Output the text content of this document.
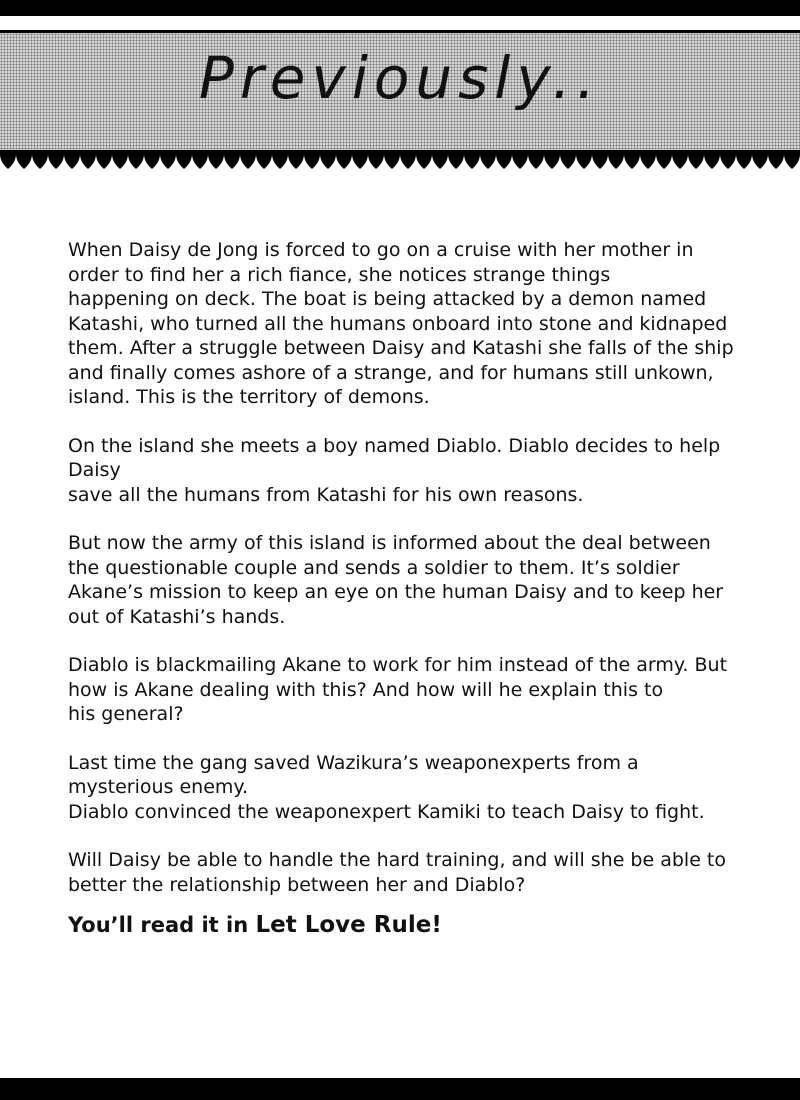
Previously..

When Daisy de Jong is forced to go on a cruise with her mother in
order to find her a rich fiance, she notices strange things
happening on deck. The boat is being attacked by a demon named
Katashi, who turned all the humans onboard into stone and kidnaped
them. After a struggle between Daisy and Katashi she falls of the ship
and finally comes ashore of a strange, and for humans still unkown,
island. This is the territory of demons.

On the island she meets a boy named Diablo. Diablo decides to help Daisy
save all the humans from Katashi for his own reasons.

But now the army of this island is informed about the deal between
the questionable couple and sends a soldier to them. It’s soldier
Akane’s mission to keep an eye on the human Daisy and to keep her
out of Katashi’s hands.

Diablo is blackmailing Akane to work for him instead of the army. But
how is Akane dealing with this? And how will he explain this to
his general?

Last time the gang saved Wazikura’s weaponexperts from a
mysterious enemy.
Diablo convinced the weaponexpert Kamiki to teach Daisy to fight.

Will Daisy be able to handle the hard training, and will she be able to
better the relationship between her and Diablo?

You’ll read it in Let Love Rule!
